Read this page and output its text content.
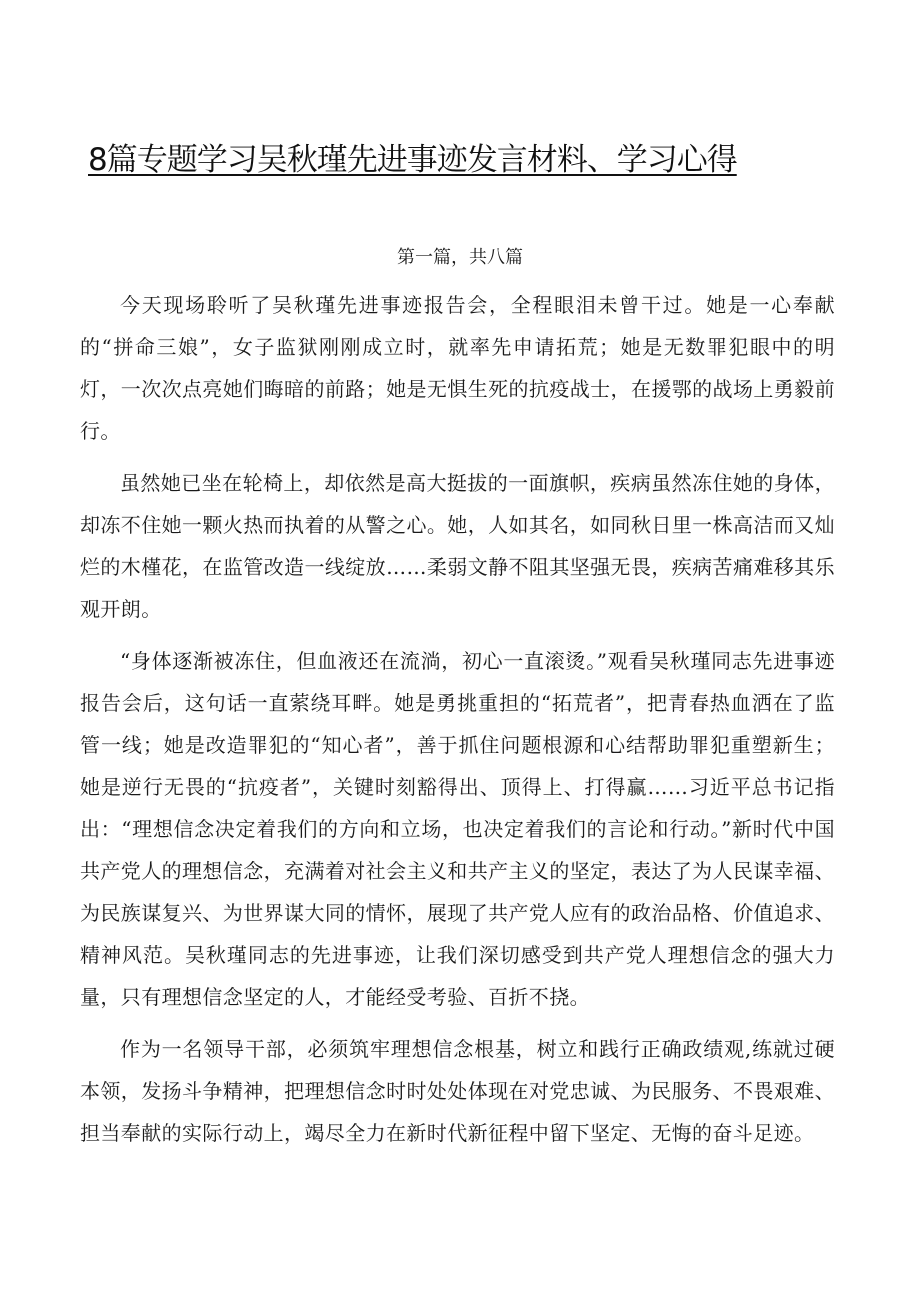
8篇专题学习吴秋瑾先进事迹发言材料、学习心得

第一篇，共八篇

今天现场聆听了吴秋瑾先进事迹报告会，全程眼泪未曾干过。她是一心奉献的“拼命三娘”，女子监狱刚刚成立时，就率先申请拓荒；她是无数罪犯眼中的明灯，一次次点亮她们晦暗的前路；她是无惧生死的抗疫战士，在援鄂的战场上勇毅前行。

虽然她已坐在轮椅上，却依然是高大挺拔的一面旗帜，疾病虽然冻住她的身体，却冻不住她一颗火热而执着的从警之心。她，人如其名，如同秋日里一株高洁而又灿烂的木槿花，在监管改造一线绽放……柔弱文静不阻其坚强无畏，疾病苦痛难移其乐观开朗。

“身体逐渐被冻住，但血液还在流淌，初心一直滚烫。”观看吴秋瑾同志先进事迹报告会后，这句话一直萦绕耳畔。她是勇挑重担的“拓荒者”，把青春热血洒在了监管一线；她是改造罪犯的“知心者”，善于抓住问题根源和心结帮助罪犯重塑新生；她是逆行无畏的“抗疫者”，关键时刻豁得出、顶得上、打得赢……习近平总书记指出：“理想信念决定着我们的方向和立场，也决定着我们的言论和行动。”新时代中国共产党人的理想信念，充满着对社会主义和共产主义的坚定，表达了为人民谋幸福、为民族谋复兴、为世界谋大同的情怀，展现了共产党人应有的政治品格、价值追求、精神风范。吴秋瑾同志的先进事迹，让我们深切感受到共产党人理想信念的强大力量，只有理想信念坚定的人，才能经受考验、百折不挠。

作为一名领导干部，必须筑牢理想信念根基，树立和践行正确政绩观,练就过硬本领，发扬斗争精神，把理想信念时时处处体现在对党忠诚、为民服务、不畏艰难、担当奉献的实际行动上，竭尽全力在新时代新征程中留下坚定、无悔的奋斗足迹。
